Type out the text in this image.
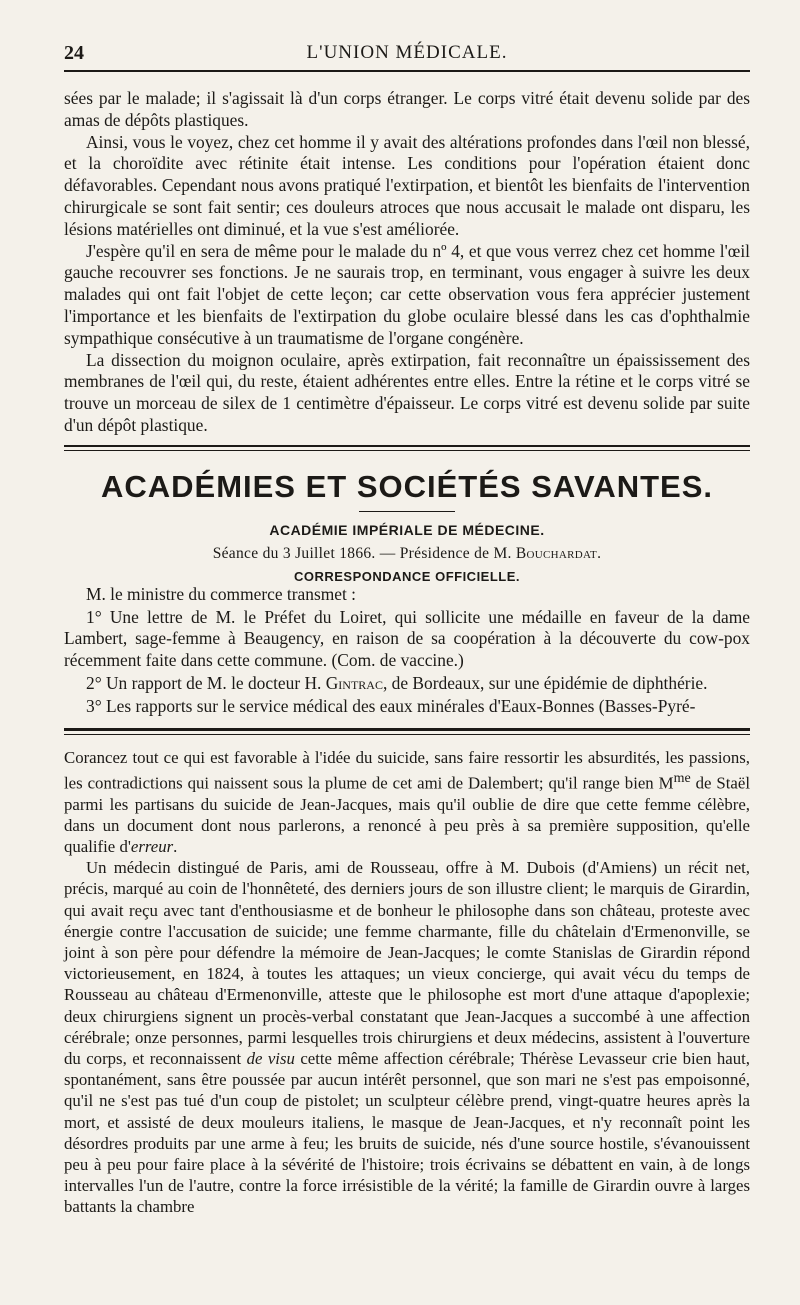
24	L'UNION MÉDICALE.

sées par le malade; il s'agissait là d'un corps étranger. Le corps vitré était devenu solide par des amas de dépôts plastiques.

Ainsi, vous le voyez, chez cet homme il y avait des altérations profondes dans l'œil non blessé, et la choroïdite avec rétinite était intense. Les conditions pour l'opération étaient donc défavorables. Cependant nous avons pratiqué l'extirpation, et bientôt les bienfaits de l'intervention chirurgicale se sont fait sentir; ces douleurs atroces que nous accusait le malade ont disparu, les lésions matérielles ont diminué, et la vue s'est améliorée.

J'espère qu'il en sera de même pour le malade du nº 4, et que vous verrez chez cet homme l'œil gauche recouvrer ses fonctions. Je ne saurais trop, en terminant, vous engager à suivre les deux malades qui ont fait l'objet de cette leçon; car cette observation vous fera apprécier justement l'importance et les bienfaits de l'extirpation du globe oculaire blessé dans les cas d'ophthalmie sympathique consécutive à un traumatisme de l'organe congénère.

La dissection du moignon oculaire, après extirpation, fait reconnaître un épaississement des membranes de l'œil qui, du reste, étaient adhérentes entre elles. Entre la rétine et le corps vitré se trouve un morceau de silex de 1 centimètre d'épaisseur. Le corps vitré est devenu solide par suite d'un dépôt plastique.

ACADÉMIES ET SOCIÉTÉS SAVANTES.
ACADÉMIE IMPÉRIALE DE MÉDECINE.
Séance du 3 Juillet 1866. — Présidence de M. Bouchardat.
CORRESPONDANCE OFFICIELLE.

M. le ministre du commerce transmet :

1° Une lettre de M. le Préfet du Loiret, qui sollicite une médaille en faveur de la dame Lambert, sage-femme à Beaugency, en raison de sa coopération à la découverte du cow-pox récemment faite dans cette commune. (Com. de vaccine.)

2° Un rapport de M. le docteur H. Gintrac, de Bordeaux, sur une épidémie de diphthérie.

3° Les rapports sur le service médical des eaux minérales d'Eaux-Bonnes (Basses-Pyré-

Corancez tout ce qui est favorable à l'idée du suicide, sans faire ressortir les absurdités, les passions, les contradictions qui naissent sous la plume de cet ami de Dalembert; qu'il range bien $M^{me}$ de Staël parmi les partisans du suicide de Jean-Jacques, mais qu'il oublie de dire que cette femme célèbre, dans un document dont nous parlerons, a renoncé à peu près à sa première supposition, qu'elle qualifie d'erreur.

Un médecin distingué de Paris, ami de Rousseau, offre à M. Dubois (d'Amiens) un récit net, précis, marqué au coin de l'honnêteté, des derniers jours de son illustre client; le marquis de Girardin, qui avait reçu avec tant d'enthousiasme et de bonheur le philosophe dans son château, proteste avec énergie contre l'accusation de suicide; une femme charmante, fille du châtelain d'Ermenonville, se joint à son père pour défendre la mémoire de Jean-Jacques; le comte Stanislas de Girardin répond victorieusement, en 1824, à toutes les attaques; un vieux concierge, qui avait vécu du temps de Rousseau au château d'Ermenonville, atteste que le philosophe est mort d'une attaque d'apoplexie; deux chirurgiens signent un procès-verbal constatant que Jean-Jacques a succombé à une affection cérébrale; onze personnes, parmi lesquelles trois chirurgiens et deux médecins, assistent à l'ouverture du corps, et reconnaissent de visu cette même affection cérébrale; Thérèse Levasseur crie bien haut, spontanément, sans être poussée par aucun intérêt personnel, que son mari ne s'est pas empoisonné, qu'il ne s'est pas tué d'un coup de pistolet; un sculpteur célèbre prend, vingt-quatre heures après la mort, et assisté de deux mouleurs italiens, le masque de Jean-Jacques, et n'y reconnaît point les désordres produits par une arme à feu; les bruits de suicide, nés d'une source hostile, s'évanouissent peu à peu pour faire place à la sévérité de l'histoire; trois écrivains se débattent en vain, à de longs intervalles l'un de l'autre, contre la force irrésistible de la vérité; la famille de Girardin ouvre à larges battants la chambre
